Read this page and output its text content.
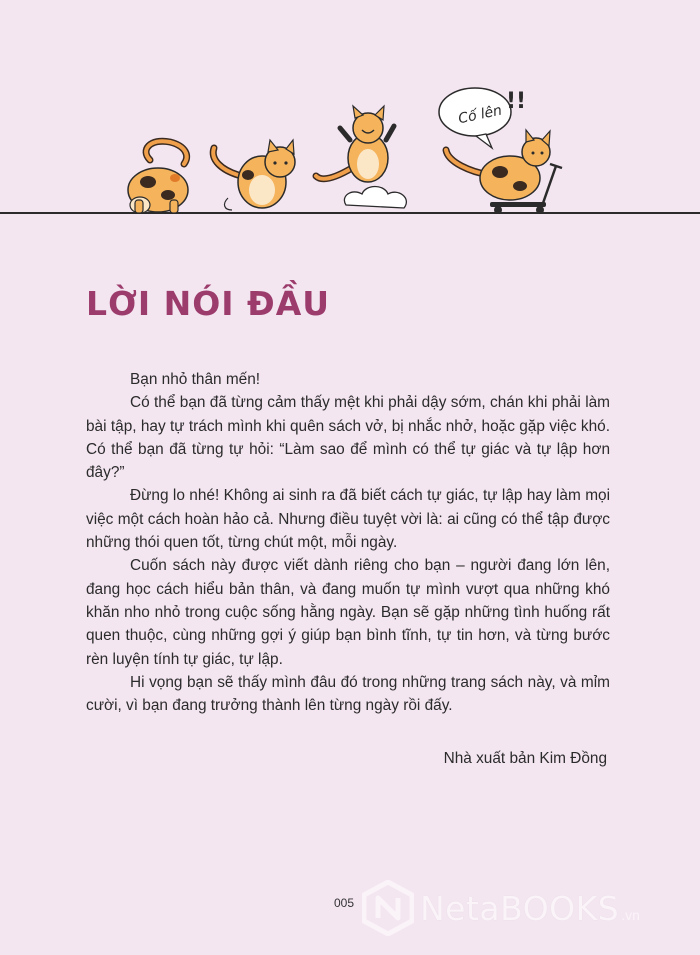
Cố lên
!!
LỜI NÓI ĐẦU

Bạn nhỏ thân mến!

Có thể bạn đã từng cảm thấy mệt khi phải dậy sớm, chán khi phải làm bài tập, hay tự trách mình khi quên sách vở, bị nhắc nhở, hoặc gặp việc khó. Có thể bạn đã từng tự hỏi: “Làm sao để mình có thể tự giác và tự lập hơn đây?”

Đừng lo nhé! Không ai sinh ra đã biết cách tự giác, tự lập hay làm mọi việc một cách hoàn hảo cả. Nhưng điều tuyệt vời là: ai cũng có thể tập được những thói quen tốt, từng chút một, mỗi ngày.

Cuốn sách này được viết dành riêng cho bạn – người đang lớn lên, đang học cách hiểu bản thân, và đang muốn tự mình vượt qua những khó khăn nho nhỏ trong cuộc sống hằng ngày. Bạn sẽ gặp những tình huống rất quen thuộc, cùng những gợi ý giúp bạn bình tĩnh, tự tin hơn, và từng bước rèn luyện tính tự giác, tự lập.

Hi vọng bạn sẽ thấy mình đâu đó trong những trang sách này, và mỉm cười, vì bạn đang trưởng thành lên từng ngày rồi đấy.

Nhà xuất bản Kim Đồng
005 NetaBOOKS .vn
